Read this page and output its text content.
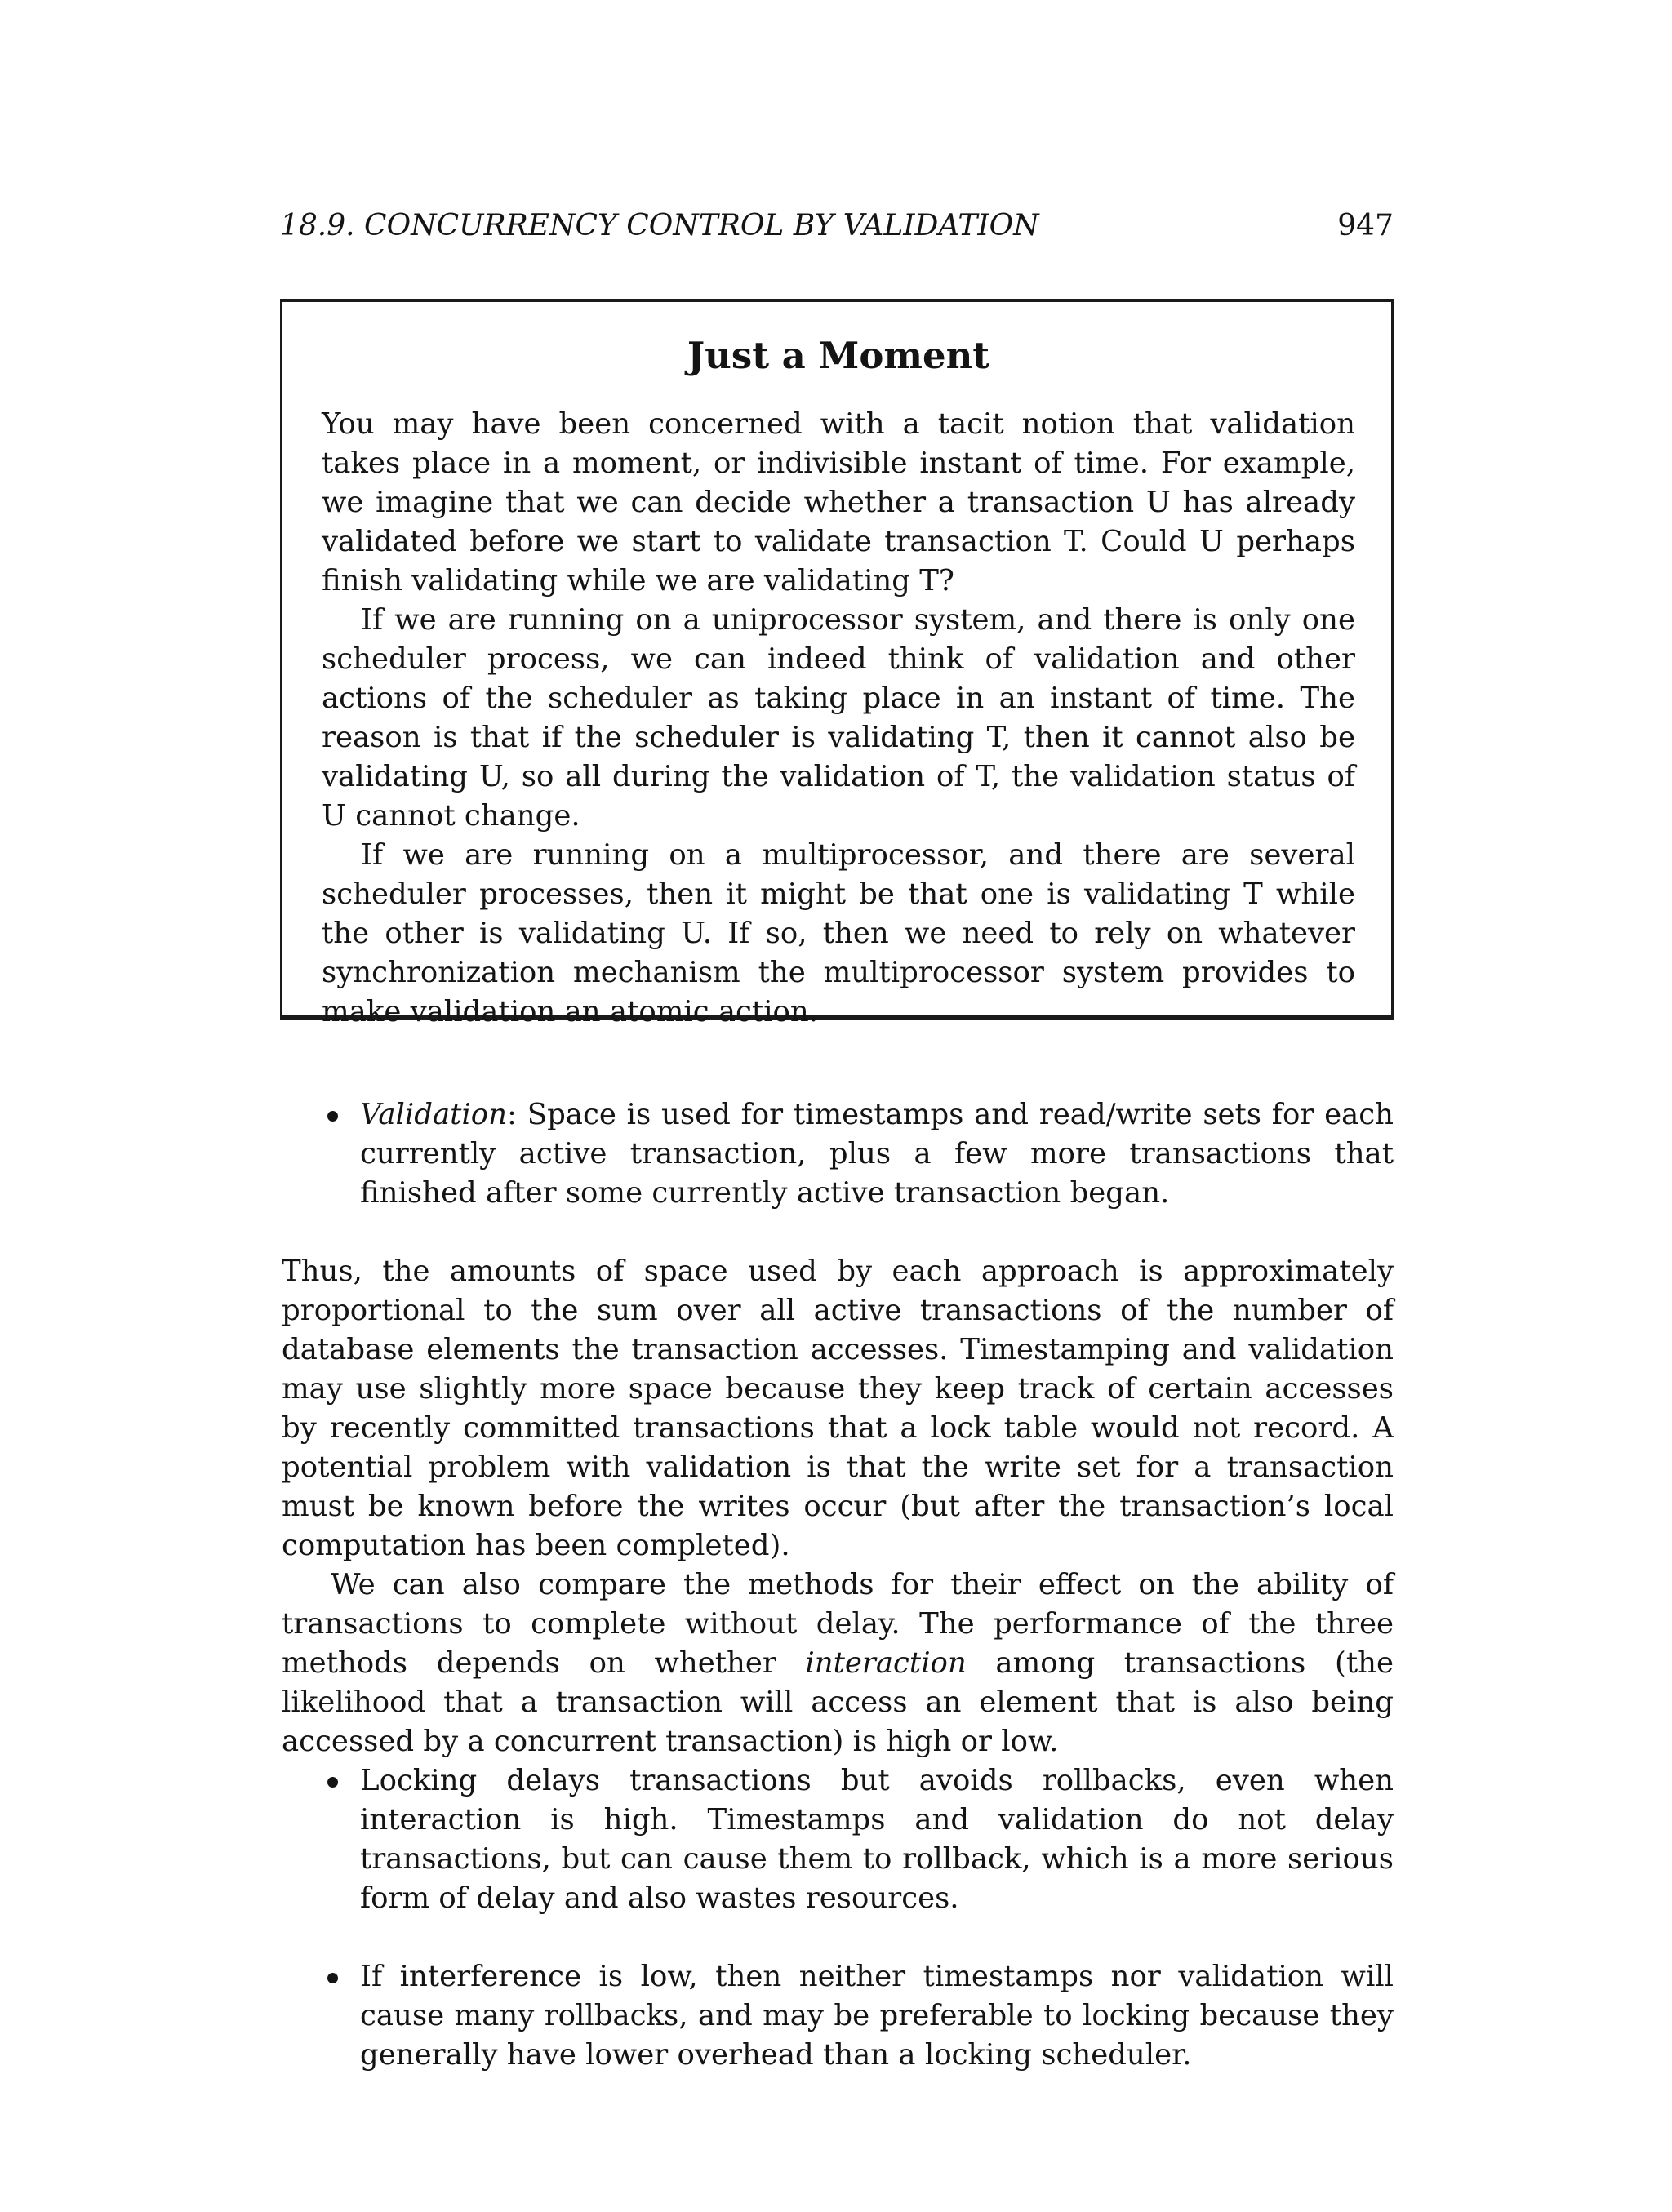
18.9. CONCURRENCY CONTROL BY VALIDATION	947
Just a Moment

You may have been concerned with a tacit notion that validation takes place in a moment, or indivisible instant of time. For example, we imagine that we can decide whether a transaction U has already validated before we start to validate transaction T. Could U perhaps finish validating while we are validating T?

If we are running on a uniprocessor system, and there is only one scheduler process, we can indeed think of validation and other actions of the scheduler as taking place in an instant of time. The reason is that if the scheduler is validating T, then it cannot also be validating U, so all during the validation of T, the validation status of U cannot change.

If we are running on a multiprocessor, and there are several scheduler processes, then it might be that one is validating T while the other is validating U. If so, then we need to rely on whatever synchronization mechanism the multiprocessor system provides to make validation an atomic action.

Validation: Space is used for timestamps and read/write sets for each currently active transaction, plus a few more transactions that finished after some currently active transaction began.

Thus, the amounts of space used by each approach is approximately proportional to the sum over all active transactions of the number of database elements the transaction accesses. Timestamping and validation may use slightly more space because they keep track of certain accesses by recently committed transactions that a lock table would not record. A potential problem with validation is that the write set for a transaction must be known before the writes occur (but after the transaction’s local computation has been completed).

We can also compare the methods for their effect on the ability of transactions to complete without delay. The performance of the three methods depends on whether interaction among transactions (the likelihood that a transaction will access an element that is also being accessed by a concurrent transaction) is high or low.

Locking delays transactions but avoids rollbacks, even when interaction is high. Timestamps and validation do not delay transactions, but can cause them to rollback, which is a more serious form of delay and also wastes resources.
If interference is low, then neither timestamps nor validation will cause many rollbacks, and may be preferable to locking because they generally have lower overhead than a locking scheduler.
